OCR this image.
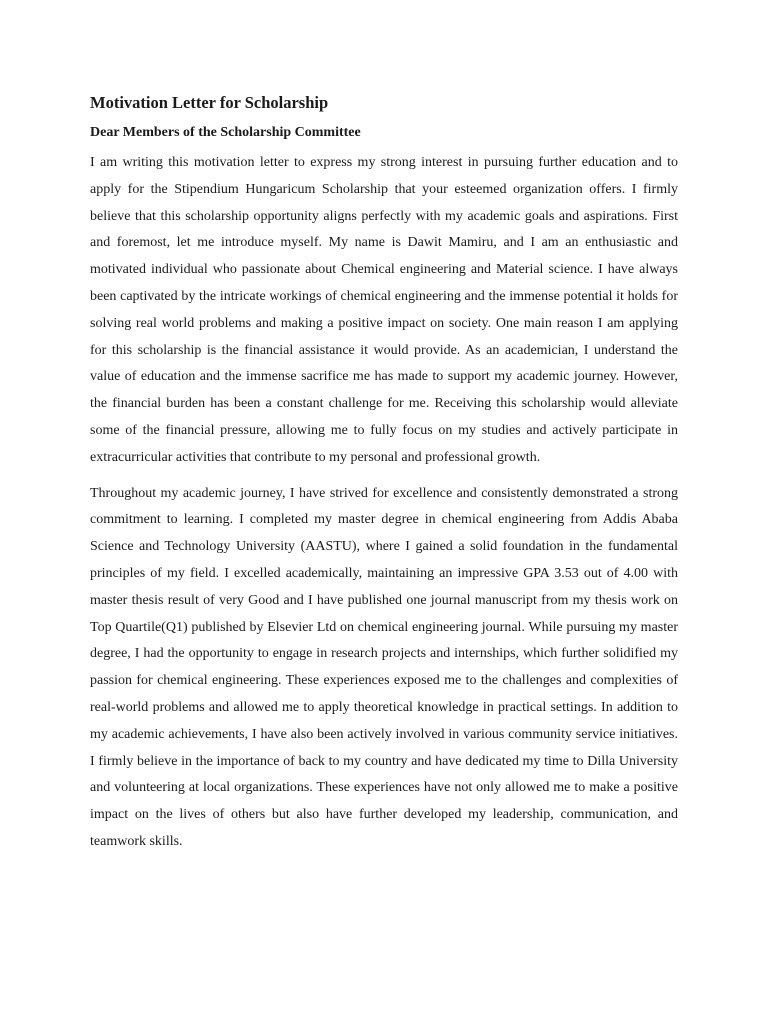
Motivation Letter for Scholarship

Dear Members of the Scholarship Committee

I am writing this motivation letter to express my strong interest in pursuing further education and to apply for the Stipendium Hungaricum Scholarship that your esteemed organization offers. I firmly believe that this scholarship opportunity aligns perfectly with my academic goals and aspirations. First and foremost, let me introduce myself. My name is Dawit Mamiru, and I am an enthusiastic and motivated individual who passionate about Chemical engineering and Material science. I have always been captivated by the intricate workings of chemical engineering and the immense potential it holds for solving real world problems and making a positive impact on society. One main reason I am applying for this scholarship is the financial assistance it would provide. As an academician, I understand the value of education and the immense sacrifice me has made to support my academic journey. However, the financial burden has been a constant challenge for me. Receiving this scholarship would alleviate some of the financial pressure, allowing me to fully focus on my studies and actively participate in extracurricular activities that contribute to my personal and professional growth.

Throughout my academic journey, I have strived for excellence and consistently demonstrated a strong commitment to learning. I completed my master degree in chemical engineering from Addis Ababa Science and Technology University (AASTU), where I gained a solid foundation in the fundamental principles of my field. I excelled academically, maintaining an impressive GPA 3.53 out of 4.00 with master thesis result of very Good and I have published one journal manuscript from my thesis work on Top Quartile(Q1) published by Elsevier Ltd on chemical engineering journal. While pursuing my master degree, I had the opportunity to engage in research projects and internships, which further solidified my passion for chemical engineering. These experiences exposed me to the challenges and complexities of real-world problems and allowed me to apply theoretical knowledge in practical settings. In addition to my academic achievements, I have also been actively involved in various community service initiatives. I firmly believe in the importance of back to my country and have dedicated my time to Dilla University and volunteering at local organizations. These experiences have not only allowed me to make a positive impact on the lives of others but also have further developed my leadership, communication, and teamwork skills.
